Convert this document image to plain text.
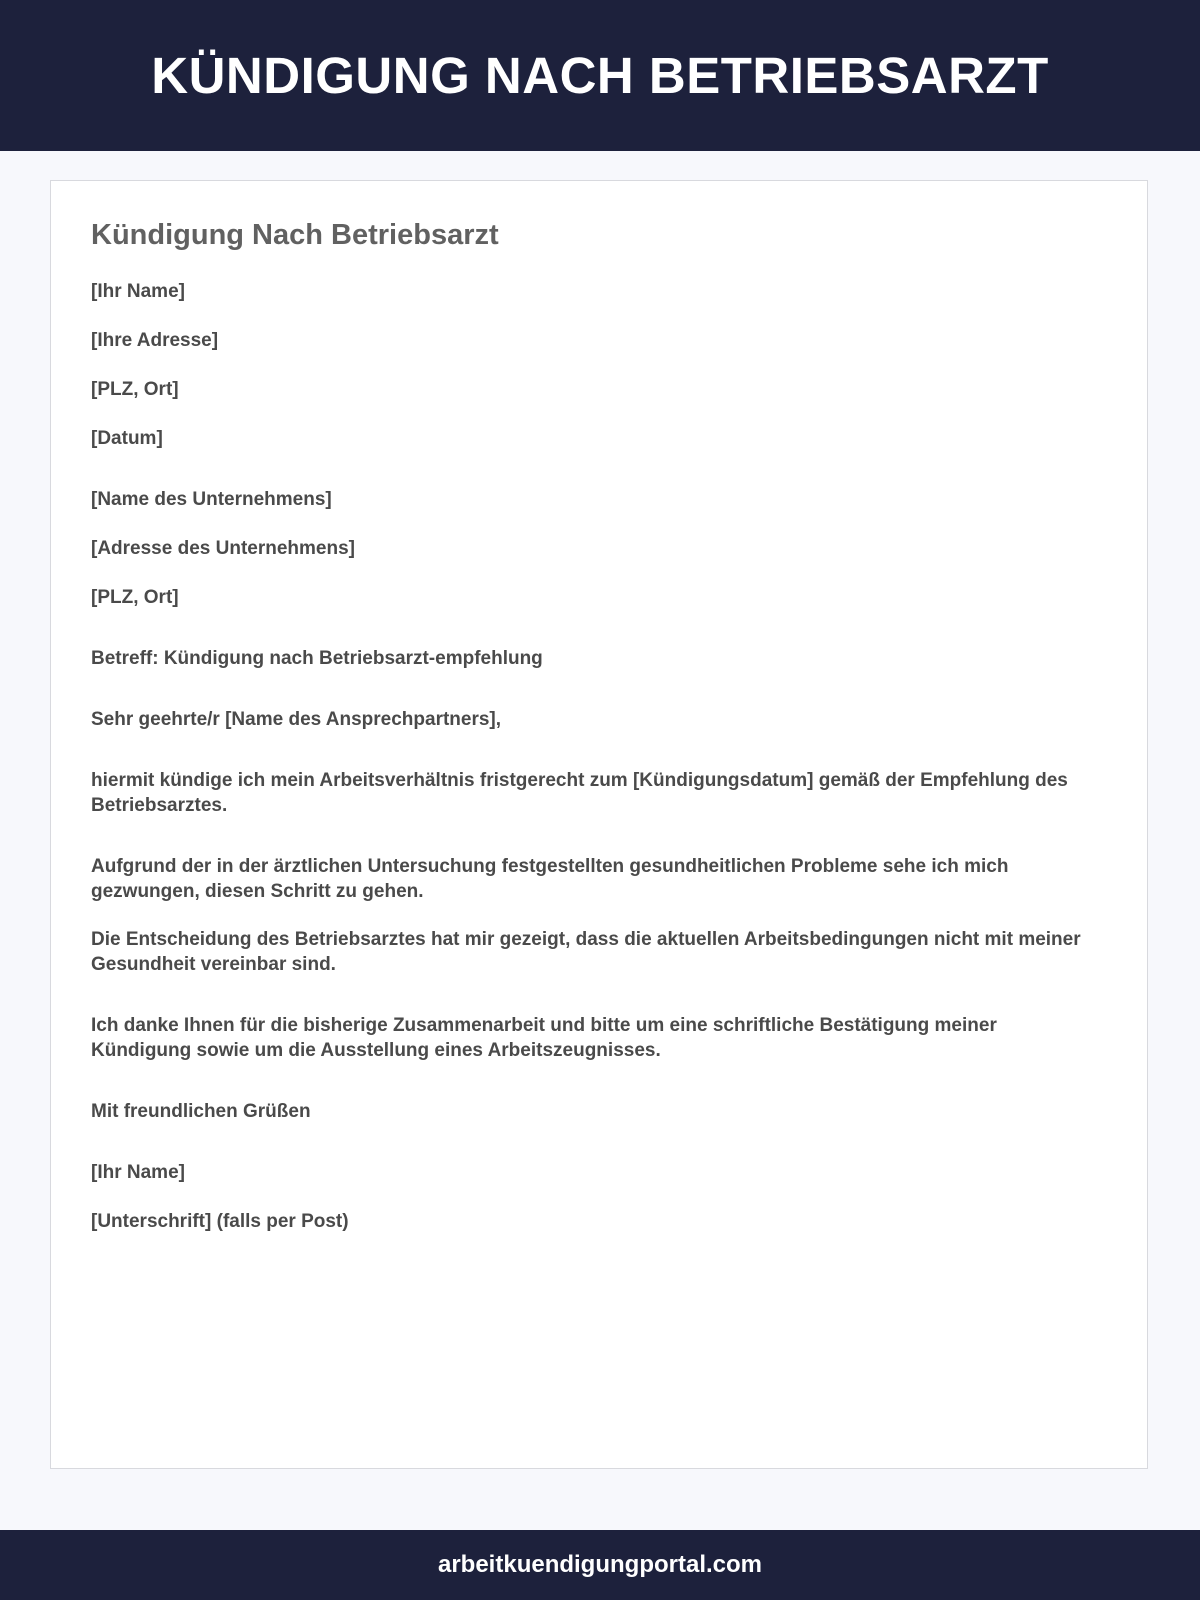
KÜNDIGUNG NACH BETRIEBSARZT
Kündigung Nach Betriebsarzt

[Ihr Name]

[Ihre Adresse]

[PLZ, Ort]

[Datum]

[Name des Unternehmens]

[Adresse des Unternehmens]

[PLZ, Ort]

Betreff: Kündigung nach Betriebsarzt-empfehlung

Sehr geehrte/r [Name des Ansprechpartners],

hiermit kündige ich mein Arbeitsverhältnis fristgerecht zum [Kündigungsdatum] gemäß der Empfehlung des Betriebsarztes.

Aufgrund der in der ärztlichen Untersuchung festgestellten gesundheitlichen Probleme sehe ich mich gezwungen, diesen Schritt zu gehen.

Die Entscheidung des Betriebsarztes hat mir gezeigt, dass die aktuellen Arbeitsbedingungen nicht mit meiner Gesundheit vereinbar sind.

Ich danke Ihnen für die bisherige Zusammenarbeit und bitte um eine schriftliche Bestätigung meiner Kündigung sowie um die Ausstellung eines Arbeitszeugnisses.

Mit freundlichen Grüßen

[Ihr Name]

[Unterschrift] (falls per Post)

arbeitkuendigungportal.com
